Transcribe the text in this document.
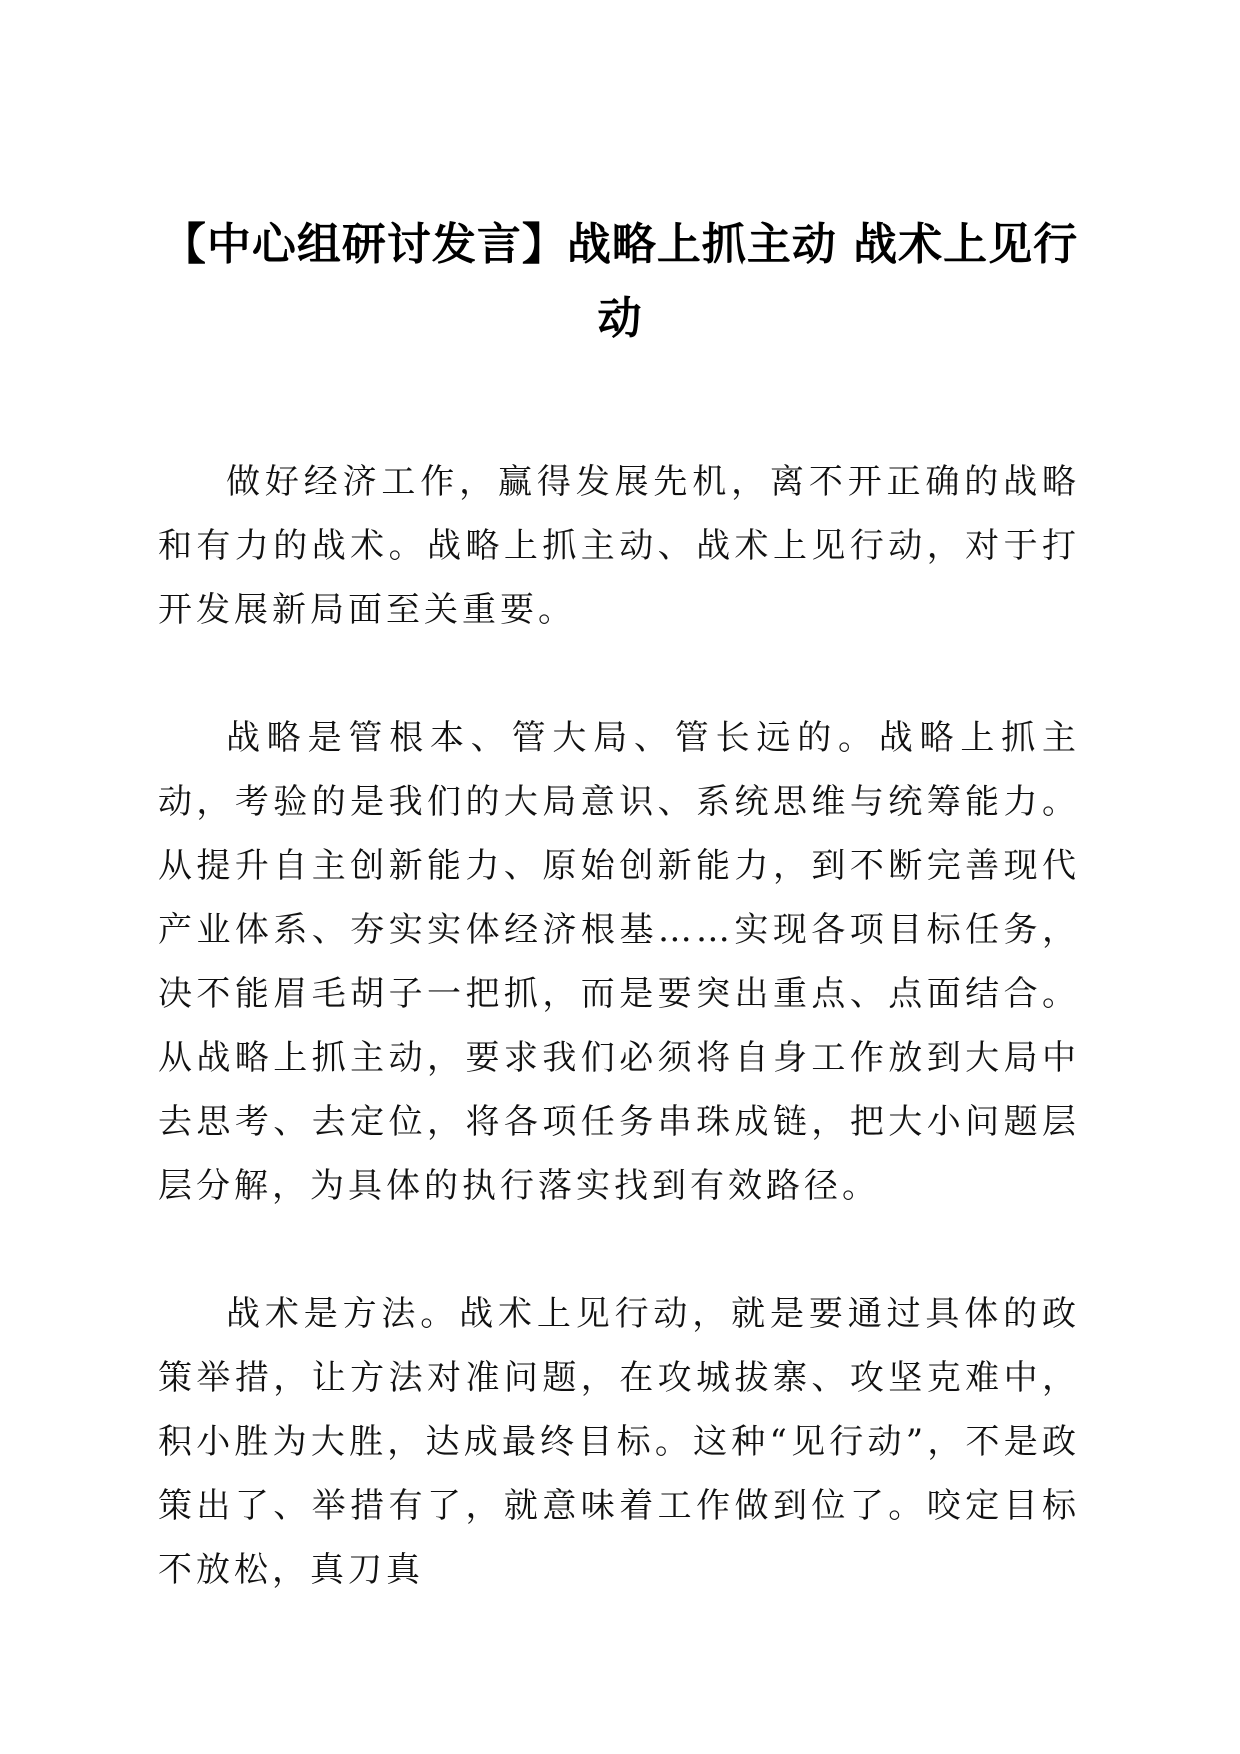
【中心组研讨发言】战略上抓主动 战术上见行动

做好经济工作，赢得发展先机，离不开正确的战略和有力的战术。战略上抓主动、战术上见行动，对于打开发展新局面至关重要。

战略是管根本、管大局、管长远的。战略上抓主动，考验的是我们的大局意识、系统思维与统筹能力。从提升自主创新能力、原始创新能力，到不断完善现代产业体系、夯实实体经济根基……实现各项目标任务，决不能眉毛胡子一把抓，而是要突出重点、点面结合。从战略上抓主动，要求我们必须将自身工作放到大局中去思考、去定位，将各项任务串珠成链，把大小问题层层分解，为具体的执行落实找到有效路径。

战术是方法。战术上见行动，就是要通过具体的政策举措，让方法对准问题，在攻城拔寨、攻坚克难中，积小胜为大胜，达成最终目标。这种“见行动”，不是政策出了、举措有了，就意味着工作做到位了。咬定目标不放松，真刀真
